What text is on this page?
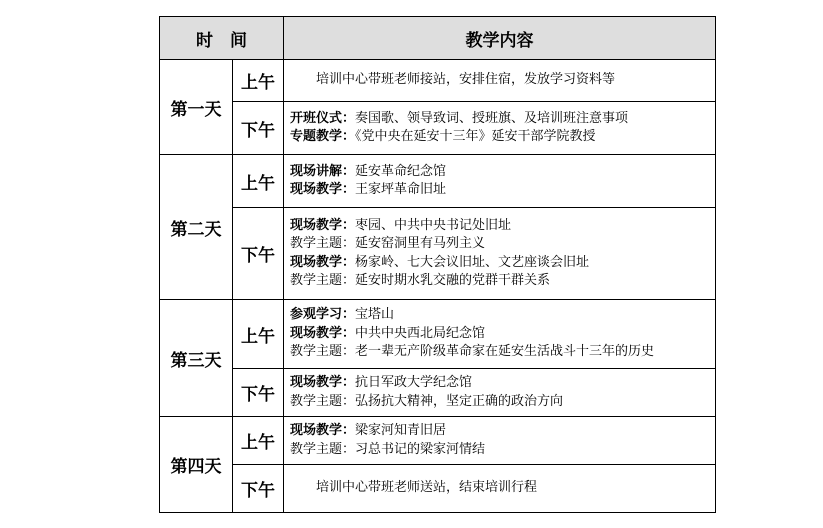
时　间		教学内容
第一天	上午	培训中心带班老师接站，安排住宿，发放学习资料等

	下午	开班仪式：奏国歌、领导致词、授班旗、及培训班注意事项
专题教学：《党中央在延安十三年》延安干部学院教授

第二天	上午	现场讲解：延安革命纪念馆
现场教学：王家坪革命旧址

	下午	现场教学：枣园、中共中央书记处旧址
教学主题：延安窑洞里有马列主义
现场教学：杨家岭、七大会议旧址、文艺座谈会旧址
教学主题：延安时期水乳交融的党群干群关系

第三天	上午	参观学习：宝塔山
现场教学：中共中央西北局纪念馆
教学主题：老一辈无产阶级革命家在延安生活战斗十三年的历史

	下午	现场教学：抗日军政大学纪念馆
教学主题：弘扬抗大精神，坚定正确的政治方向

第四天	上午	现场教学：梁家河知青旧居
教学主题：习总书记的梁家河情结

	下午	培训中心带班老师送站，结束培训行程
